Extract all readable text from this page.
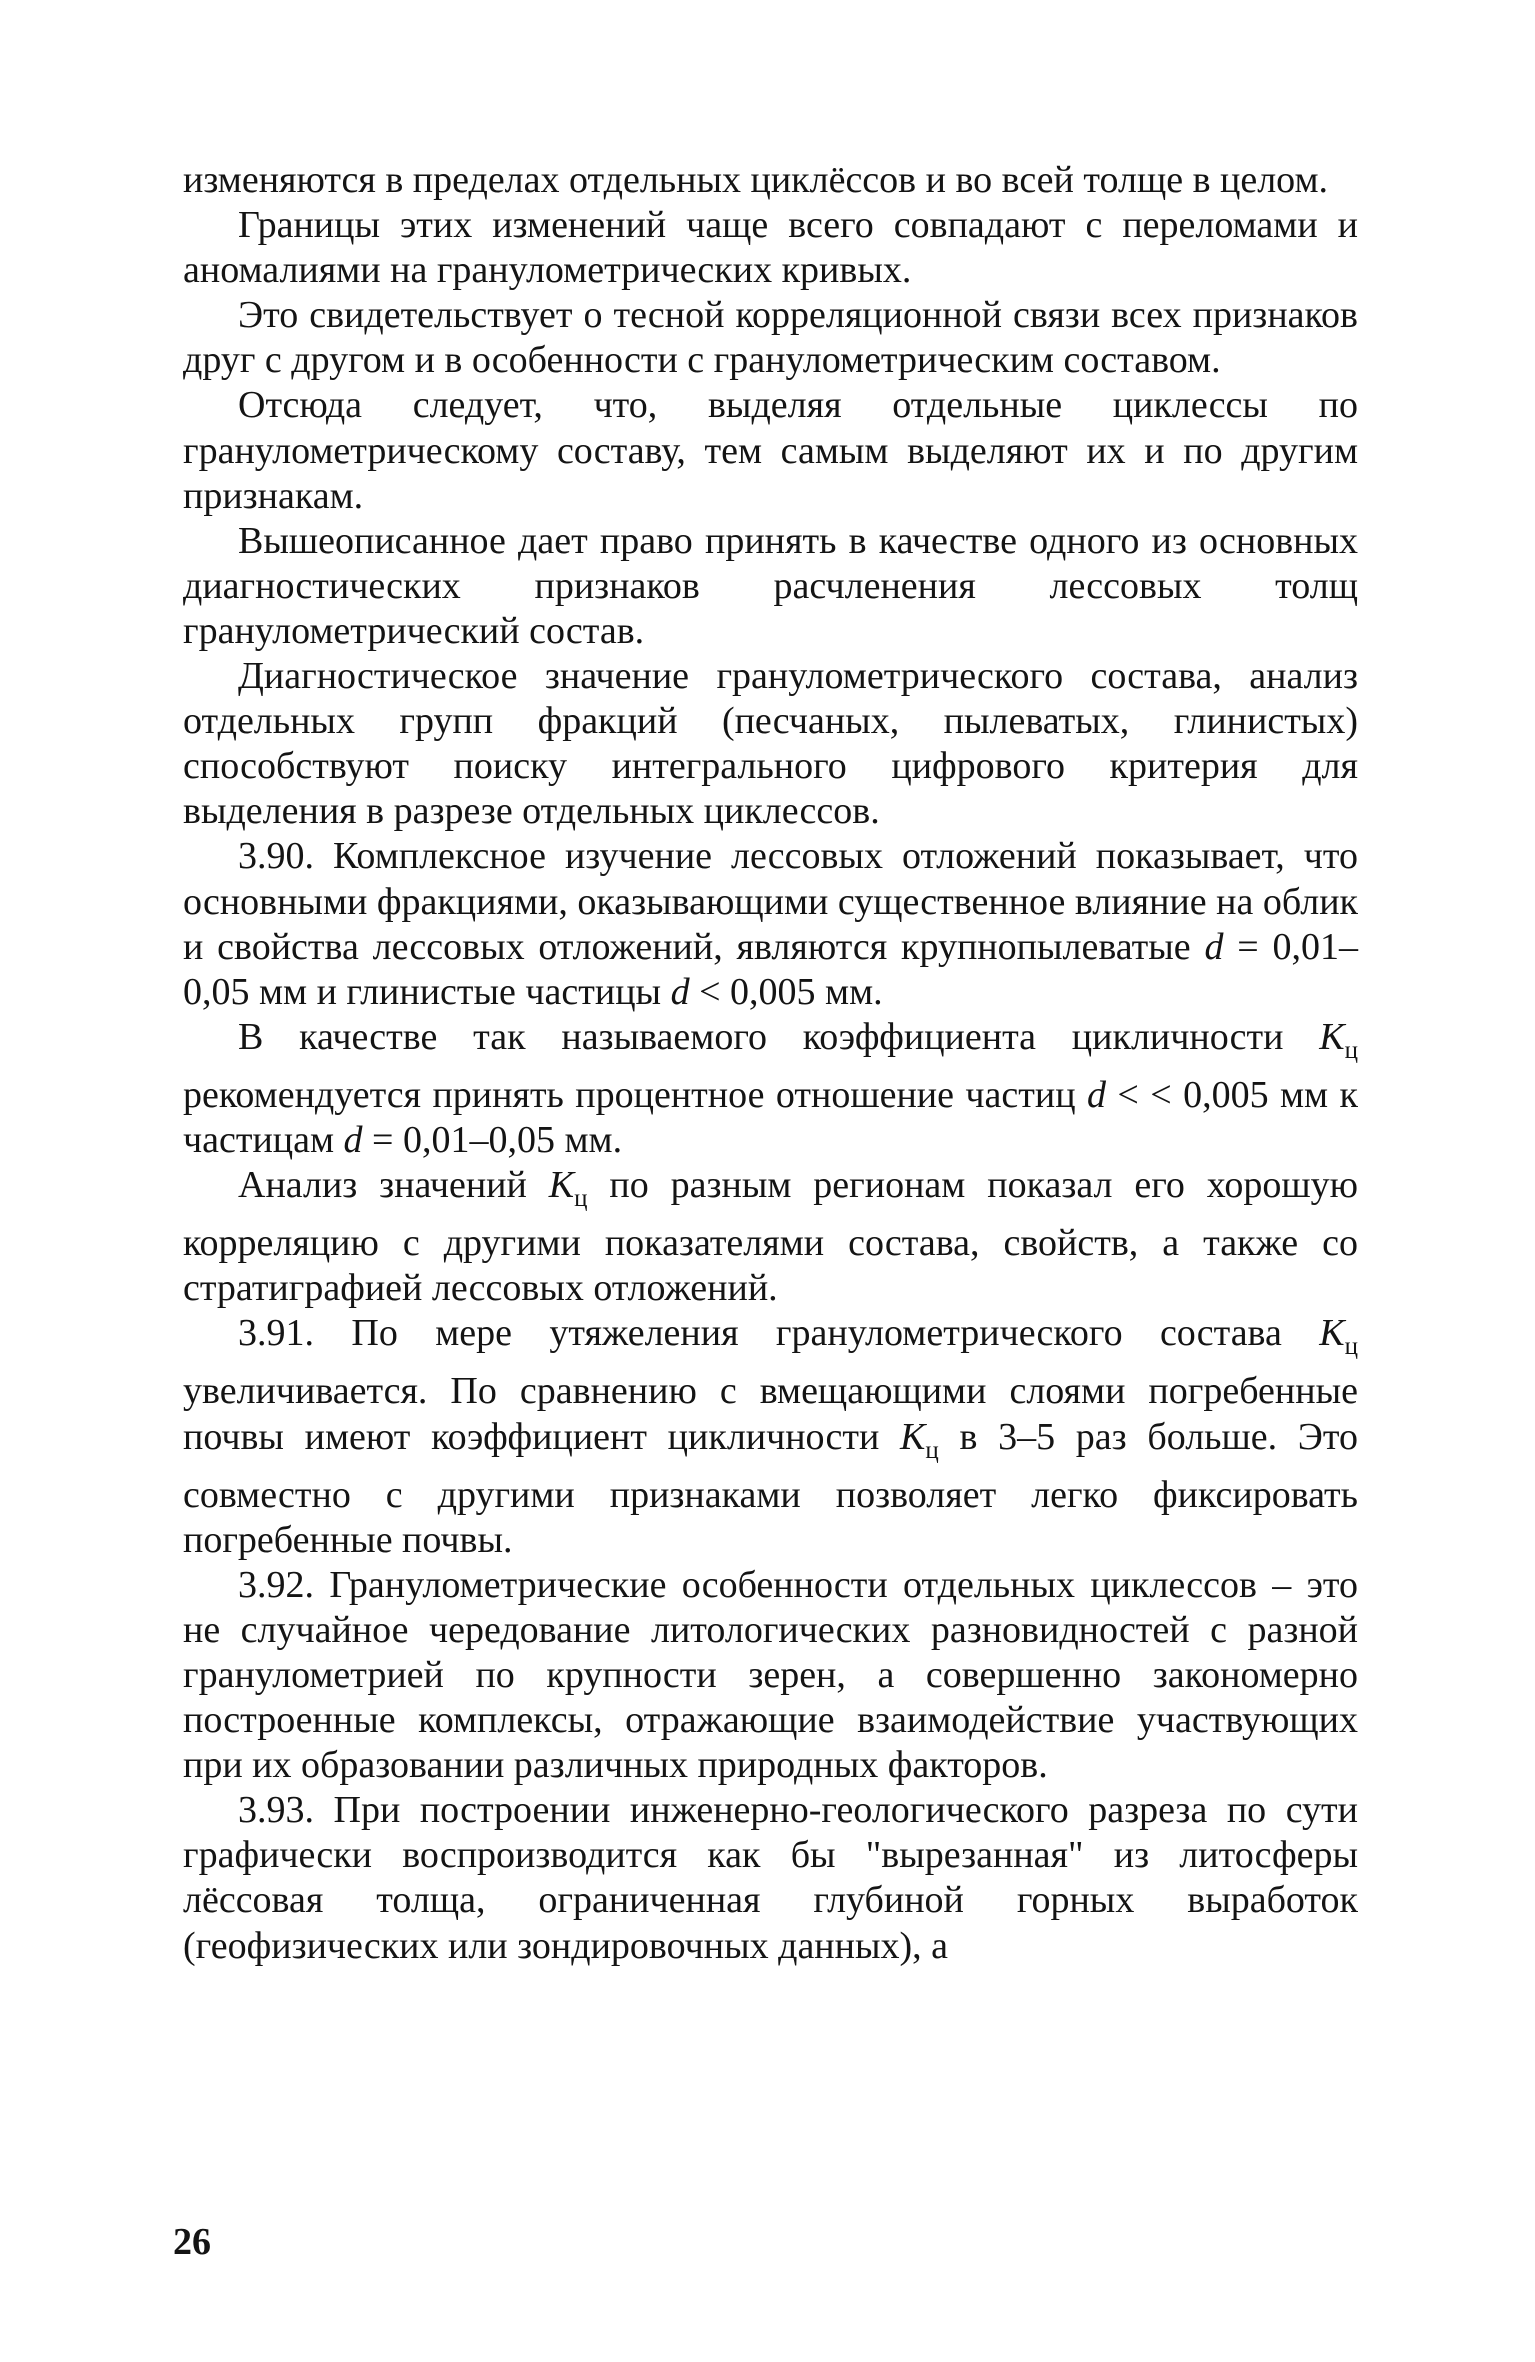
изменяются в пределах отдельных циклёссов и во всей толще в целом.

Границы этих изменений чаще всего совпадают с переломами и аномалиями на гранулометрических кривых.

Это свидетельствует о тесной корреляционной связи всех признаков друг с другом и в особенности с гранулометрическим составом.

Отсюда следует, что, выделяя отдельные циклессы по гранулометрическому составу, тем самым выделяют их и по другим признакам.

Вышеописанное дает право принять в качестве одного из основных диагностических признаков расчленения лессовых толщ гранулометрический состав.

Диагностическое значение гранулометрического состава, анализ отдельных групп фракций (песчаных, пылеватых, глинистых) способствуют поиску интегрального цифрового критерия для выделения в разрезе отдельных циклессов.

3.90. Комплексное изучение лессовых отложений показывает, что основными фракциями, оказывающими существенное влияние на облик и свойства лессовых отложений, являются крупнопылеватые d = 0,01–0,05 мм и глинистые частицы d < 0,005 мм.

В качестве так называемого коэффициента цикличности $K_ц$ рекомендуется принять процентное отношение частиц d < < 0,005 мм к частицам d = 0,01–0,05 мм.

Анализ значений $K_ц$ по разным регионам показал его хорошую корреляцию с другими показателями состава, свойств, а также со стратиграфией лессовых отложений.

3.91. По мере утяжеления гранулометрического состава $K_ц$ увеличивается. По сравнению с вмещающими слоями погребенные почвы имеют коэффициент цикличности $K_ц$ в 3–5 раз больше. Это совместно с другими признаками позволяет легко фиксировать погребенные почвы.

3.92. Гранулометрические особенности отдельных циклессов – это не случайное чередование литологических разновидностей с разной гранулометрией по крупности зерен, а совершенно закономерно построенные комплексы, отражающие взаимодействие участвующих при их образовании различных природных факторов.

3.93. При построении инженерно-геологического разреза по сути графически воспроизводится как бы "вырезанная" из литосферы лёссовая толща, ограниченная глубиной горных выработок (геофизических или зондировочных данных), а

26
